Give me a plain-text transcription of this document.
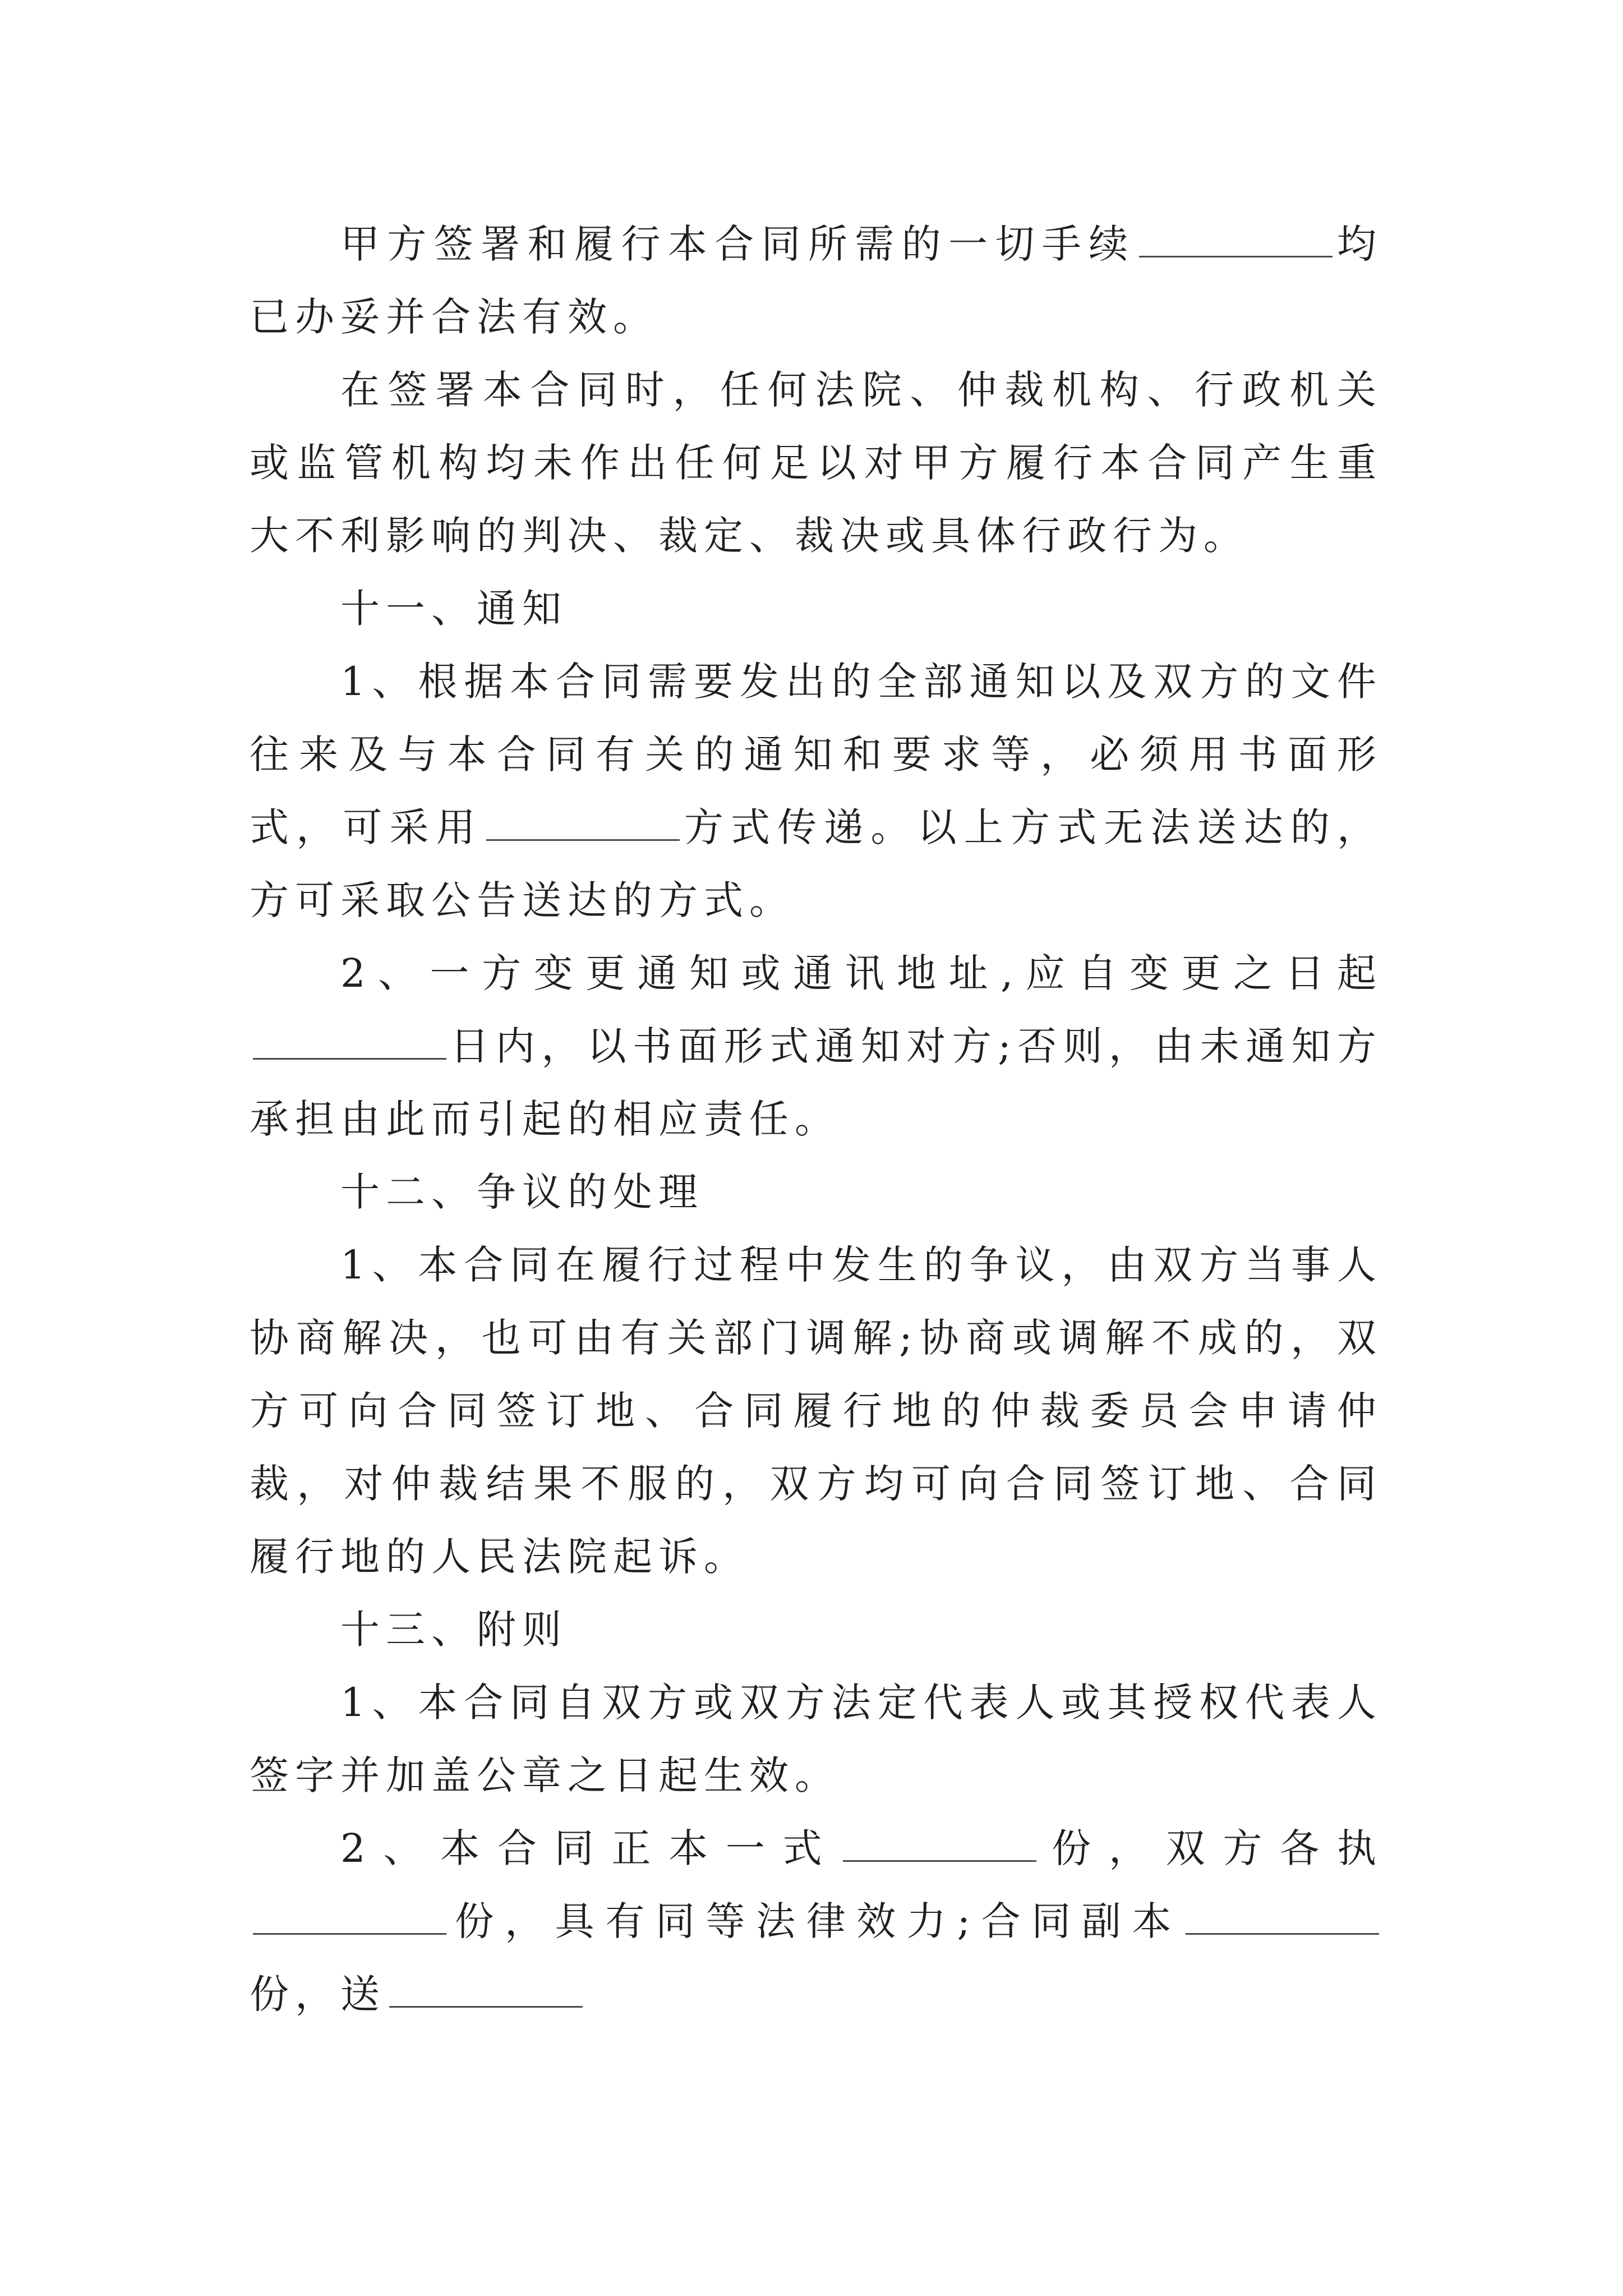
甲方签署和履行本合同所需的一切手续	均已办妥并合法有效。

在签署本合同时，任何法院、仲裁机构、行政机关或监管机构均未作出任何足以对甲方履行本合同产生重大不利影响的判决、裁定、裁决或具体行政行为。

十一、通知

1、根据本合同需要发出的全部通知以及双方的文件往来及与本合同有关的通知和要求等，必须用书面形式，可采用	方式传递。以上方式无法送达的，方可采取公告送达的方式。

2、一方变更通知或通讯地址,应自变更之日起日内，以书面形式通知对方;否则，由未通知方承担由此而引起的相应责任。

十二、争议的处理

1、本合同在履行过程中发生的争议，由双方当事人协商解决，也可由有关部门调解;协商或调解不成的，双方可向合同签订地、合同履行地的仲裁委员会申请仲裁，对仲裁结果不服的，双方均可向合同签订地、合同履行地的人民法院起诉。

十三、附则

1、本合同自双方或双方法定代表人或其授权代表人签字并加盖公章之日起生效。

2、本合同正本一式	份，双方各执份，具有同等法律效力;合同副本份，送
